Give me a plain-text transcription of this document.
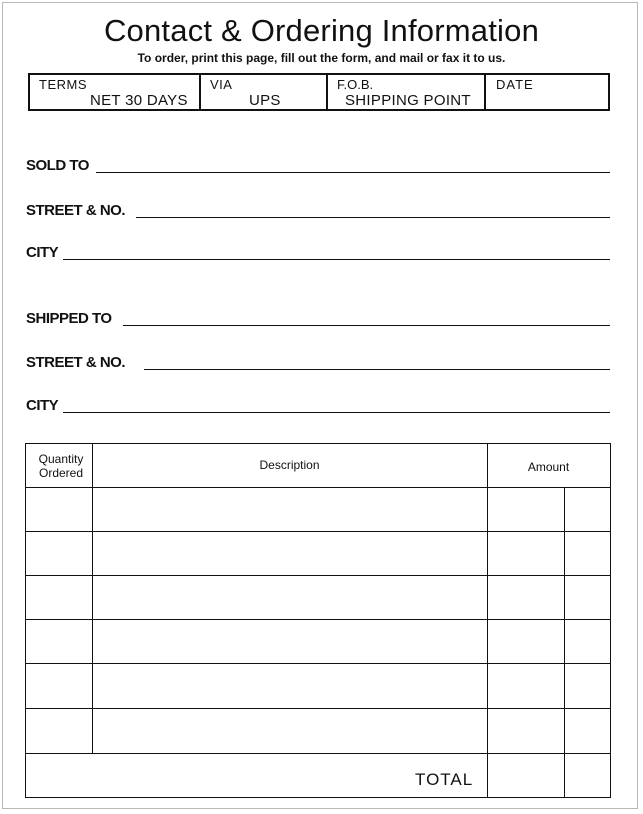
Contact & Ordering Information
To order, print this page, fill out the form, and mail or fax it to us.
TERMS
NET 30 DAYS
VIA
UPS
F.O.B.
SHIPPING POINT
DATE
SOLD TO
STREET & NO.
CITY
SHIPPED TO
STREET & NO.
CITY
Quantity Ordered
Description	Amount
TOTAL
